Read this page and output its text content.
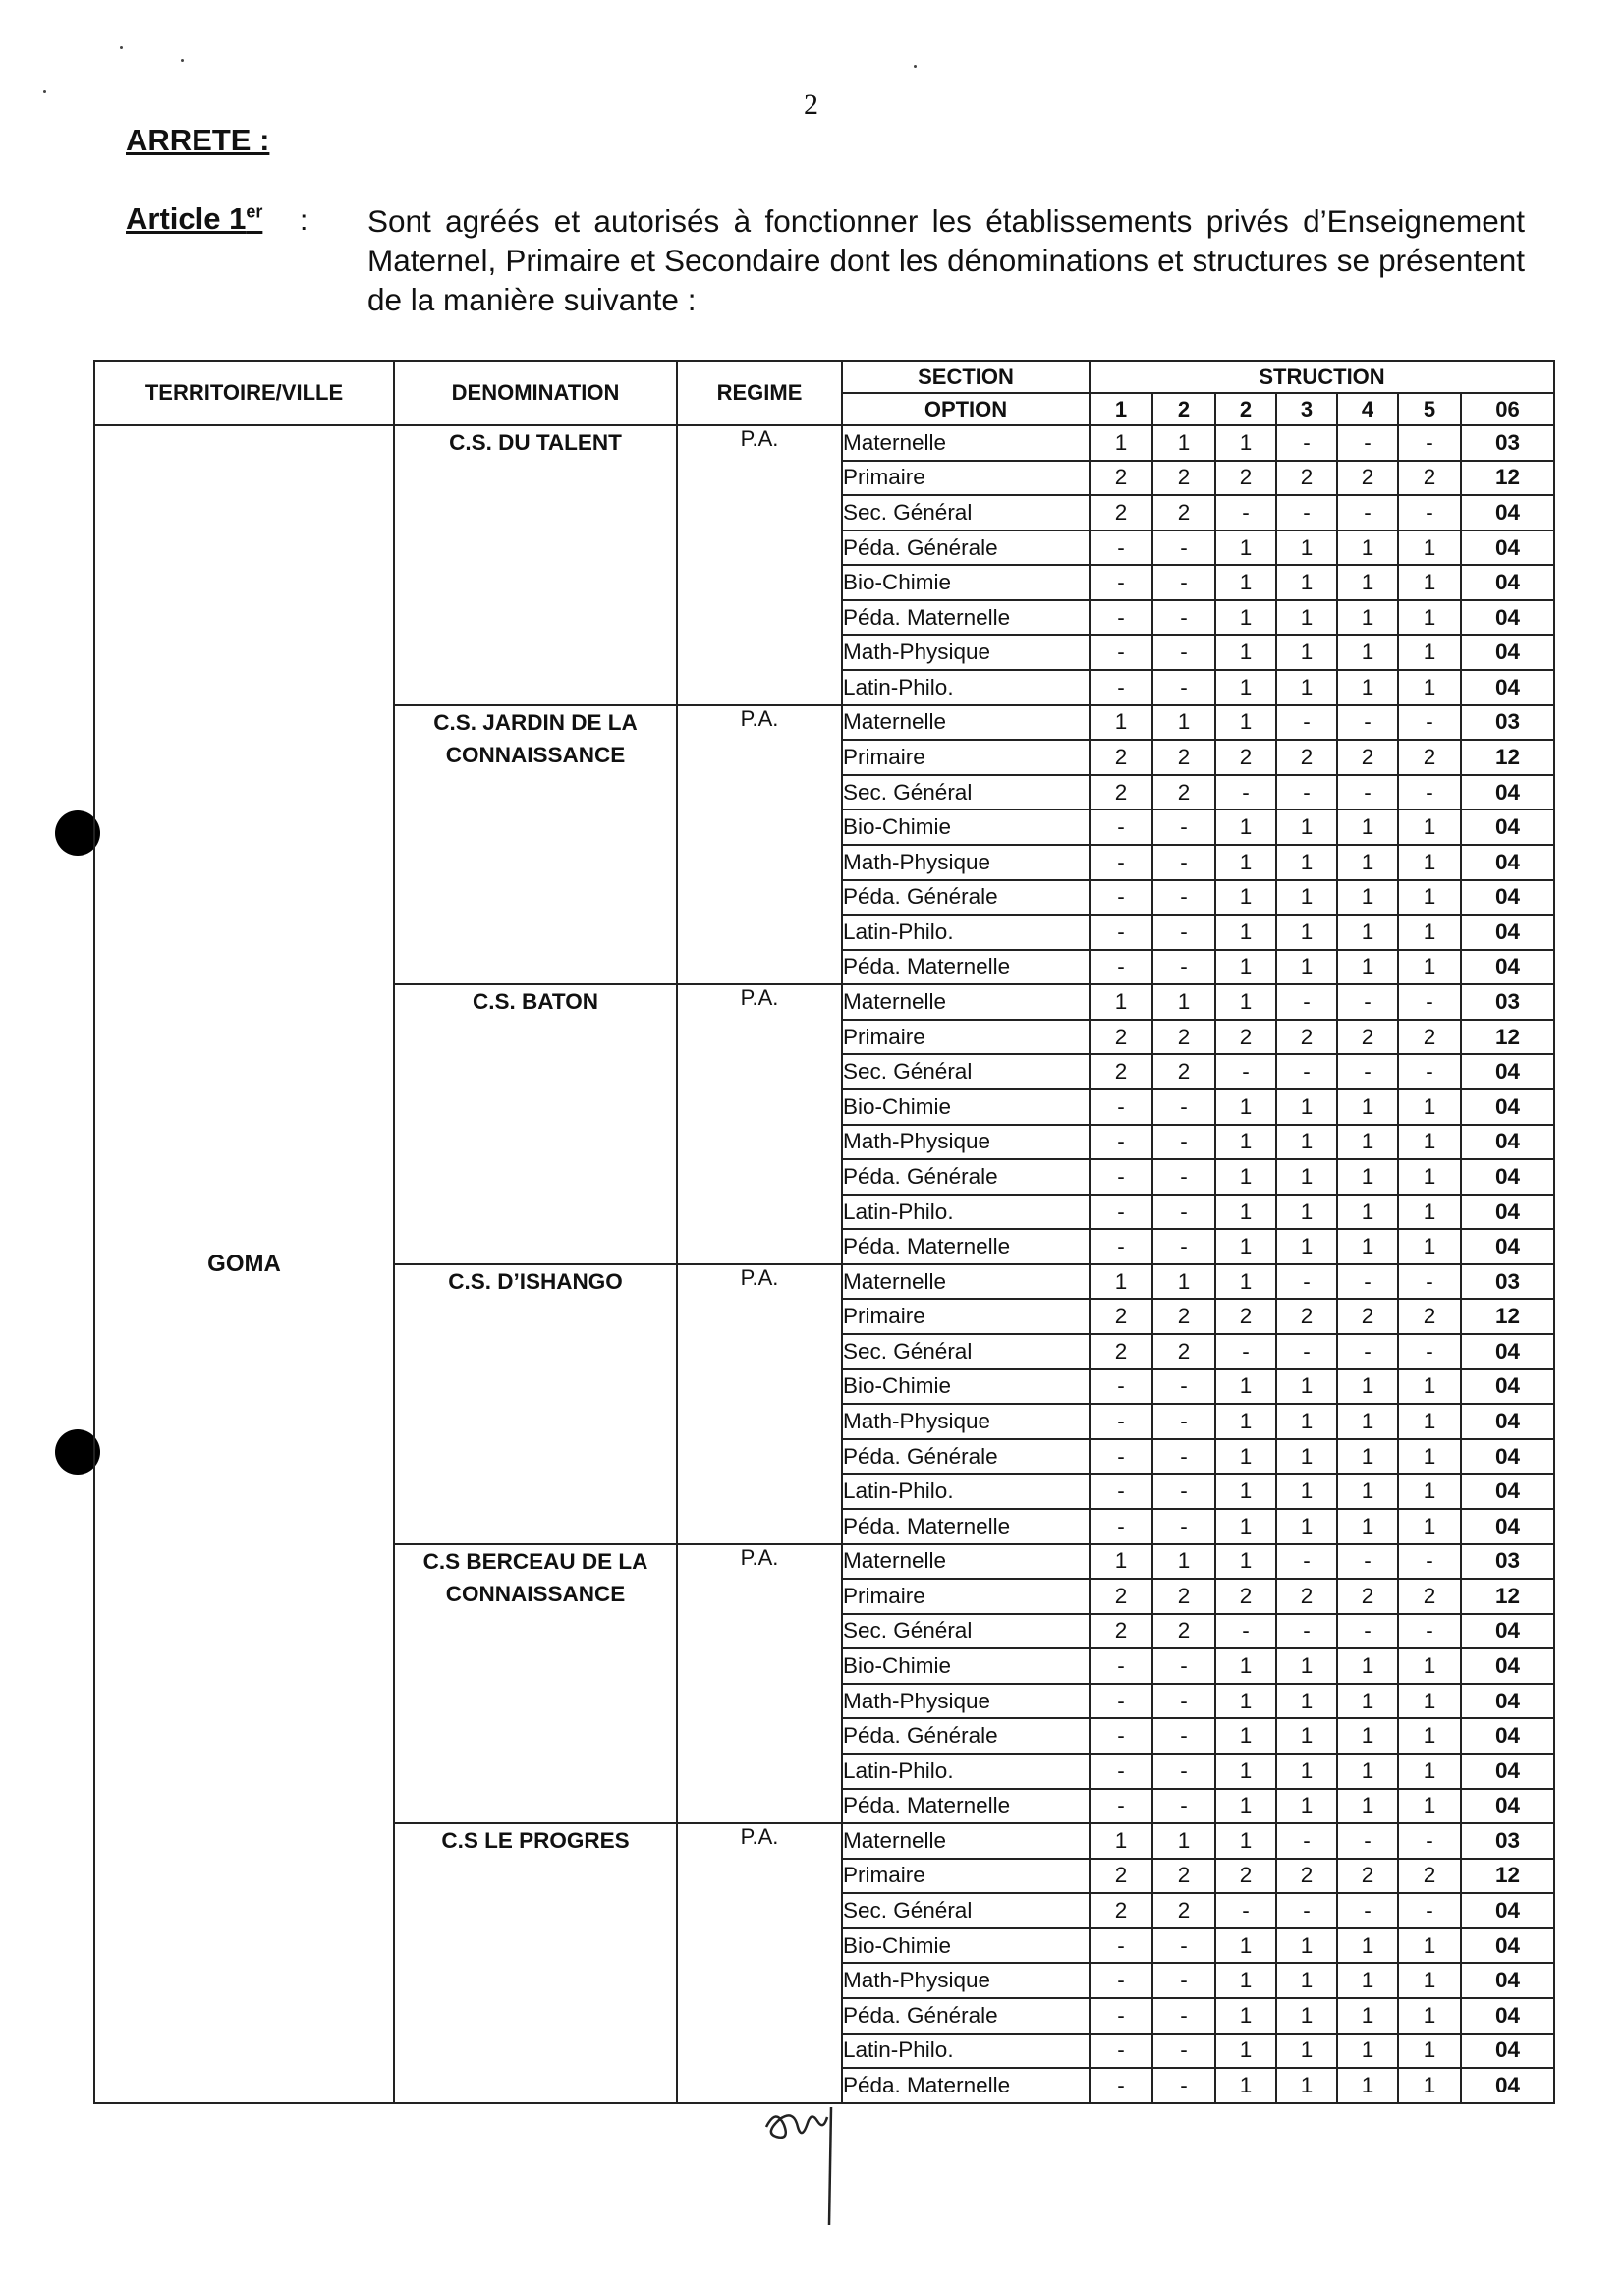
2
ARRETE :
Article 1er : Sont agréés et autorisés à fonctionner les établissements privés d’Enseignement Maternel, Primaire et Secondaire dont les dénominations et structures se présentent de la manière suivante :
TERRITOIRE/VILLE	DENOMINATION	REGIME	SECTION	STRUCTION						
			OPTION	1	2	2	3	4	5	06
GOMA	C.S. DU TALENT	P.A.	Maternelle	1	1	1	-	-	-	03
			Primaire	2	2	2	2	2	2	12
			Sec. Général	2	2	-	-	-	-	04
			Péda. Générale	-	-	1	1	1	1	04
			Bio-Chimie	-	-	1	1	1	1	04
			Péda. Maternelle	-	-	1	1	1	1	04
			Math-Physique	-	-	1	1	1	1	04
			Latin-Philo.	-	-	1	1	1	1	04
	C.S. JARDIN DE LA CONNAISSANCE	P.A.	Maternelle	1	1	1	-	-	-	03
			Primaire	2	2	2	2	2	2	12
			Sec. Général	2	2	-	-	-	-	04
			Bio-Chimie	-	-	1	1	1	1	04
			Math-Physique	-	-	1	1	1	1	04
			Péda. Générale	-	-	1	1	1	1	04
			Latin-Philo.	-	-	1	1	1	1	04
			Péda. Maternelle	-	-	1	1	1	1	04
	C.S. BATON	P.A.	Maternelle	1	1	1	-	-	-	03
			Primaire	2	2	2	2	2	2	12
			Sec. Général	2	2	-	-	-	-	04
			Bio-Chimie	-	-	1	1	1	1	04
			Math-Physique	-	-	1	1	1	1	04
			Péda. Générale	-	-	1	1	1	1	04
			Latin-Philo.	-	-	1	1	1	1	04
			Péda. Maternelle	-	-	1	1	1	1	04
	C.S. D’ISHANGO	P.A.	Maternelle	1	1	1	-	-	-	03
			Primaire	2	2	2	2	2	2	12
			Sec. Général	2	2	-	-	-	-	04
			Bio-Chimie	-	-	1	1	1	1	04
			Math-Physique	-	-	1	1	1	1	04
			Péda. Générale	-	-	1	1	1	1	04
			Latin-Philo.	-	-	1	1	1	1	04
			Péda. Maternelle	-	-	1	1	1	1	04
	C.S BERCEAU DE LA CONNAISSANCE	P.A.	Maternelle	1	1	1	-	-	-	03
			Primaire	2	2	2	2	2	2	12
			Sec. Général	2	2	-	-	-	-	04
			Bio-Chimie	-	-	1	1	1	1	04
			Math-Physique	-	-	1	1	1	1	04
			Péda. Générale	-	-	1	1	1	1	04
			Latin-Philo.	-	-	1	1	1	1	04
			Péda. Maternelle	-	-	1	1	1	1	04
	C.S LE PROGRES	P.A.	Maternelle	1	1	1	-	-	-	03
			Primaire	2	2	2	2	2	2	12
			Sec. Général	2	2	-	-	-	-	04
			Bio-Chimie	-	-	1	1	1	1	04
			Math-Physique	-	-	1	1	1	1	04
			Péda. Générale	-	-	1	1	1	1	04
			Latin-Philo.	-	-	1	1	1	1	04
			Péda. Maternelle	-	-	1	1	1	1	04
